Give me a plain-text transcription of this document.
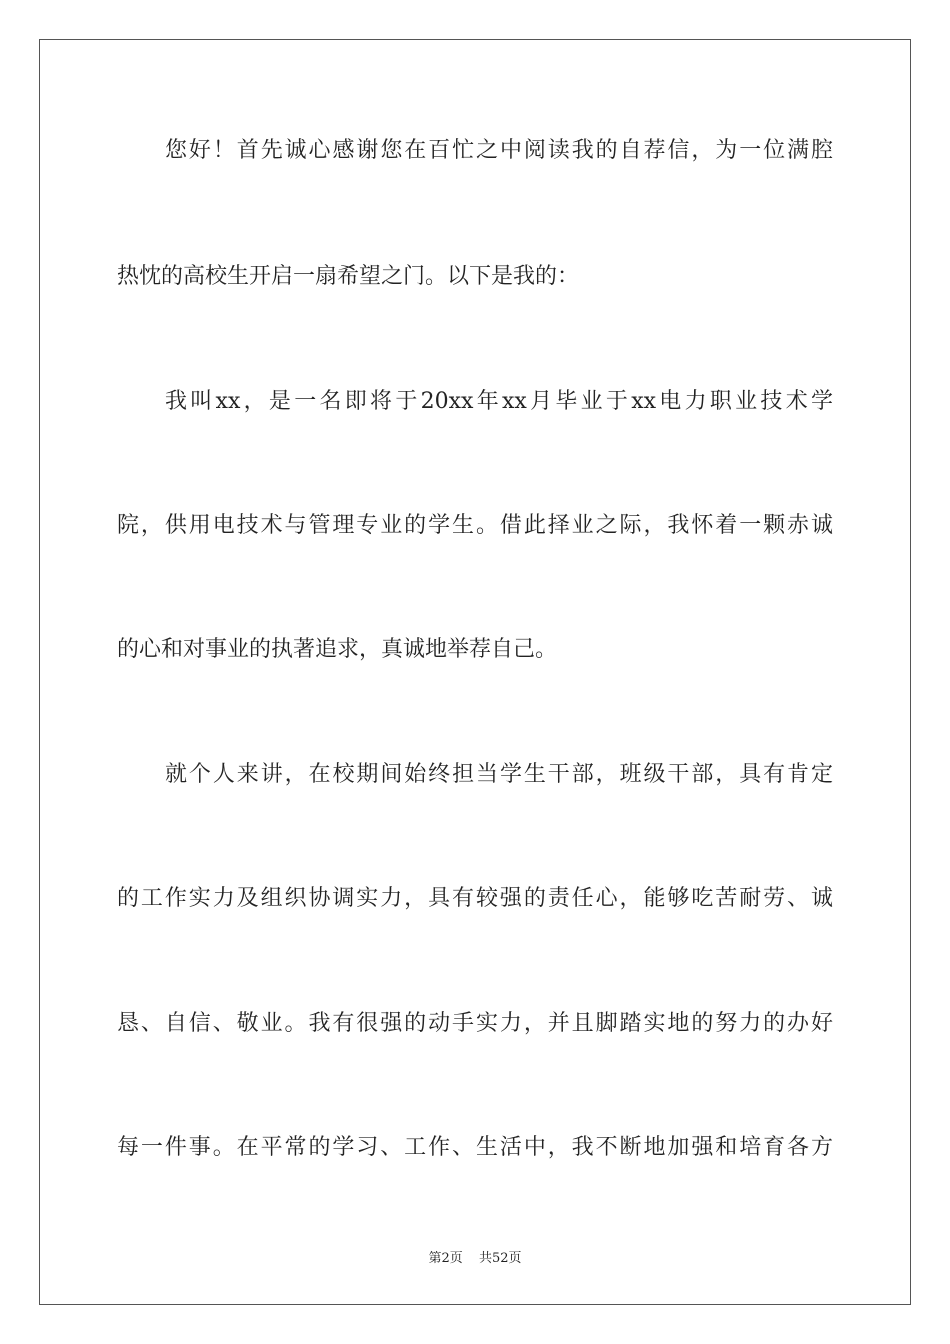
您好！首先诚心感谢您在百忙之中阅读我的自荐信，为一位满腔
热忱的高校生开启一扇希望之门。以下是我的：
我叫xx，是一名即将于20xx年xx月毕业于xx电力职业技术学
院，供用电技术与管理专业的学生。借此择业之际，我怀着一颗赤诚
的心和对事业的执著追求，真诚地举荐自己。
就个人来讲，在校期间始终担当学生干部，班级干部，具有肯定
的工作实力及组织协调实力，具有较强的责任心，能够吃苦耐劳、诚
恳、自信、敬业。我有很强的动手实力，并且脚踏实地的努力的办好
每一件事。在平常的学习、工作、生活中，我不断地加强和培育各方
第2页 共52页
